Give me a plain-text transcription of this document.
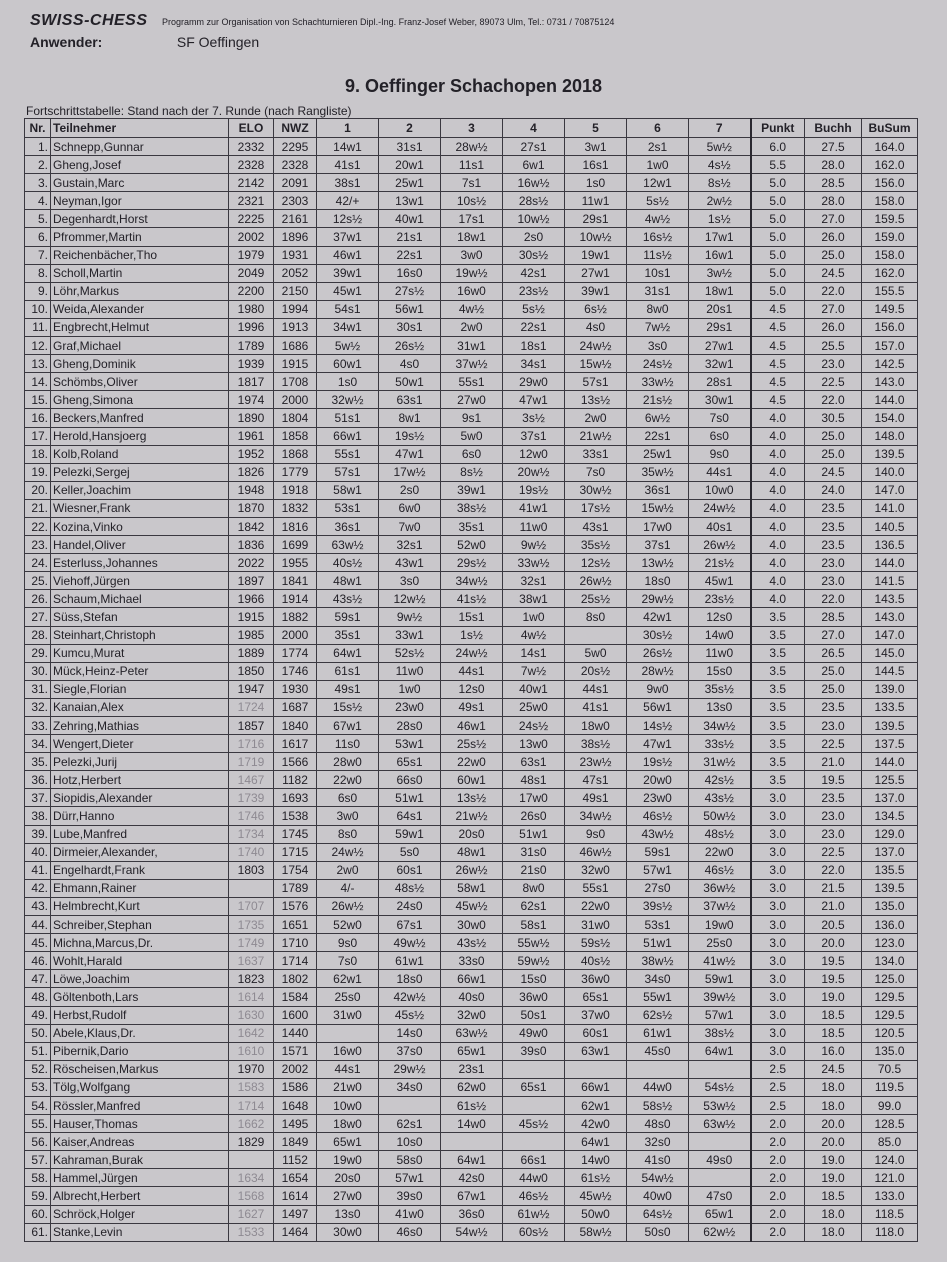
SWISS-CHESS Programm zur Organisation von Schachturnieren Dipl.-Ing. Franz-Josef Weber, 89073 Ulm, Tel.: 0731 / 70875124
Anwender:	SF Oeffingen
9. Oeffinger Schachopen 2018
Fortschrittstabelle: Stand nach der 7. Runde (nach Rangliste)
Nr.	Teilnehmer	ELO	NWZ	1	2	3	4	5	6	7	Punkt	Buchh	BuSum
1.	Schnepp,Gunnar	2332	2295	14w1	31s1	28w½	27s1	3w1	2s1	5w½	6.0	27.5	164.0
2.	Gheng,Josef	2328	2328	41s1	20w1	11s1	6w1	16s1	1w0	4s½	5.5	28.0	162.0
3.	Gustain,Marc	2142	2091	38s1	25w1	7s1	16w½	1s0	12w1	8s½	5.0	28.5	156.0
4.	Neyman,Igor	2321	2303	42/+	13w1	10s½	28s½	11w1	5s½	2w½	5.0	28.0	158.0
5.	Degenhardt,Horst	2225	2161	12s½	40w1	17s1	10w½	29s1	4w½	1s½	5.0	27.0	159.5
6.	Pfrommer,Martin	2002	1896	37w1	21s1	18w1	2s0	10w½	16s½	17w1	5.0	26.0	159.0
7.	Reichenbächer,Tho	1979	1931	46w1	22s1	3w0	30s½	19w1	11s½	16w1	5.0	25.0	158.0
8.	Scholl,Martin	2049	2052	39w1	16s0	19w½	42s1	27w1	10s1	3w½	5.0	24.5	162.0
9.	Löhr,Markus	2200	2150	45w1	27s½	16w0	23s½	39w1	31s1	18w1	5.0	22.0	155.5
10.	Weida,Alexander	1980	1994	54s1	56w1	4w½	5s½	6s½	8w0	20s1	4.5	27.0	149.5
11.	Engbrecht,Helmut	1996	1913	34w1	30s1	2w0	22s1	4s0	7w½	29s1	4.5	26.0	156.0
12.	Graf,Michael	1789	1686	5w½	26s½	31w1	18s1	24w½	3s0	27w1	4.5	25.5	157.0
13.	Gheng,Dominik	1939	1915	60w1	4s0	37w½	34s1	15w½	24s½	32w1	4.5	23.0	142.5
14.	Schömbs,Oliver	1817	1708	1s0	50w1	55s1	29w0	57s1	33w½	28s1	4.5	22.5	143.0
15.	Gheng,Simona	1974	2000	32w½	63s1	27w0	47w1	13s½	21s½	30w1	4.5	22.0	144.0
16.	Beckers,Manfred	1890	1804	51s1	8w1	9s1	3s½	2w0	6w½	7s0	4.0	30.5	154.0
17.	Herold,Hansjoerg	1961	1858	66w1	19s½	5w0	37s1	21w½	22s1	6s0	4.0	25.0	148.0
18.	Kolb,Roland	1952	1868	55s1	47w1	6s0	12w0	33s1	25w1	9s0	4.0	25.0	139.5
19.	Pelezki,Sergej	1826	1779	57s1	17w½	8s½	20w½	7s0	35w½	44s1	4.0	24.5	140.0
20.	Keller,Joachim	1948	1918	58w1	2s0	39w1	19s½	30w½	36s1	10w0	4.0	24.0	147.0
21.	Wiesner,Frank	1870	1832	53s1	6w0	38s½	41w1	17s½	15w½	24w½	4.0	23.5	141.0
22.	Kozina,Vinko	1842	1816	36s1	7w0	35s1	11w0	43s1	17w0	40s1	4.0	23.5	140.5
23.	Handel,Oliver	1836	1699	63w½	32s1	52w0	9w½	35s½	37s1	26w½	4.0	23.5	136.5
24.	Esterluss,Johannes	2022	1955	40s½	43w1	29s½	33w½	12s½	13w½	21s½	4.0	23.0	144.0
25.	Viehoff,Jürgen	1897	1841	48w1	3s0	34w½	32s1	26w½	18s0	45w1	4.0	23.0	141.5
26.	Schaum,Michael	1966	1914	43s½	12w½	41s½	38w1	25s½	29w½	23s½	4.0	22.0	143.5
27.	Süss,Stefan	1915	1882	59s1	9w½	15s1	1w0	8s0	42w1	12s0	3.5	28.5	143.0
28.	Steinhart,Christoph	1985	2000	35s1	33w1	1s½	4w½		30s½	14w0	3.5	27.0	147.0
29.	Kumcu,Murat	1889	1774	64w1	52s½	24w½	14s1	5w0	26s½	11w0	3.5	26.5	145.0
30.	Mück,Heinz-Peter	1850	1746	61s1	11w0	44s1	7w½	20s½	28w½	15s0	3.5	25.0	144.5
31.	Siegle,Florian	1947	1930	49s1	1w0	12s0	40w1	44s1	9w0	35s½	3.5	25.0	139.0
32.	Kanaian,Alex	1724	1687	15s½	23w0	49s1	25w0	41s1	56w1	13s0	3.5	23.5	133.5
33.	Zehring,Mathias	1857	1840	67w1	28s0	46w1	24s½	18w0	14s½	34w½	3.5	23.0	139.5
34.	Wengert,Dieter	1716	1617	11s0	53w1	25s½	13w0	38s½	47w1	33s½	3.5	22.5	137.5
35.	Pelezki,Jurij	1719	1566	28w0	65s1	22w0	63s1	23w½	19s½	31w½	3.5	21.0	144.0
36.	Hotz,Herbert	1467	1182	22w0	66s0	60w1	48s1	47s1	20w0	42s½	3.5	19.5	125.5
37.	Siopidis,Alexander	1739	1693	6s0	51w1	13s½	17w0	49s1	23w0	43s½	3.0	23.5	137.0
38.	Dürr,Hanno	1746	1538	3w0	64s1	21w½	26s0	34w½	46s½	50w½	3.0	23.0	134.5
39.	Lube,Manfred	1734	1745	8s0	59w1	20s0	51w1	9s0	43w½	48s½	3.0	23.0	129.0
40.	Dirmeier,Alexander,	1740	1715	24w½	5s0	48w1	31s0	46w½	59s1	22w0	3.0	22.5	137.0
41.	Engelhardt,Frank	1803	1754	2w0	60s1	26w½	21s0	32w0	57w1	46s½	3.0	22.0	135.5
42.	Ehmann,Rainer		1789	4/-	48s½	58w1	8w0	55s1	27s0	36w½	3.0	21.5	139.5
43.	Helmbrecht,Kurt	1707	1576	26w½	24s0	45w½	62s1	22w0	39s½	37w½	3.0	21.0	135.0
44.	Schreiber,Stephan	1735	1651	52w0	67s1	30w0	58s1	31w0	53s1	19w0	3.0	20.5	136.0
45.	Michna,Marcus,Dr.	1749	1710	9s0	49w½	43s½	55w½	59s½	51w1	25s0	3.0	20.0	123.0
46.	Wohlt,Harald	1637	1714	7s0	61w1	33s0	59w½	40s½	38w½	41w½	3.0	19.5	134.0
47.	Löwe,Joachim	1823	1802	62w1	18s0	66w1	15s0	36w0	34s0	59w1	3.0	19.5	125.0
48.	Göltenboth,Lars	1614	1584	25s0	42w½	40s0	36w0	65s1	55w1	39w½	3.0	19.0	129.5
49.	Herbst,Rudolf	1630	1600	31w0	45s½	32w0	50s1	37w0	62s½	57w1	3.0	18.5	129.5
50.	Abele,Klaus,Dr.	1642	1440		14s0	63w½	49w0	60s1	61w1	38s½	3.0	18.5	120.5
51.	Pibernik,Dario	1610	1571	16w0	37s0	65w1	39s0	63w1	45s0	64w1	3.0	16.0	135.0
52.	Röscheisen,Markus	1970	2002	44s1	29w½	23s1					2.5	24.5	70.5
53.	Tölg,Wolfgang	1583	1586	21w0	34s0	62w0	65s1	66w1	44w0	54s½	2.5	18.0	119.5
54.	Rössler,Manfred	1714	1648	10w0		61s½		62w1	58s½	53w½	2.5	18.0	99.0
55.	Hauser,Thomas	1662	1495	18w0	62s1	14w0	45s½	42w0	48s0	63w½	2.0	20.0	128.5
56.	Kaiser,Andreas	1829	1849	65w1	10s0			64w1	32s0		2.0	20.0	85.0
57.	Kahraman,Burak		1152	19w0	58s0	64w1	66s1	14w0	41s0	49s0	2.0	19.0	124.0
58.	Hammel,Jürgen	1634	1654	20s0	57w1	42s0	44w0	61s½	54w½		2.0	19.0	121.0
59.	Albrecht,Herbert	1568	1614	27w0	39s0	67w1	46s½	45w½	40w0	47s0	2.0	18.5	133.0
60.	Schröck,Holger	1627	1497	13s0	41w0	36s0	61w½	50w0	64s½	65w1	2.0	18.0	118.5
61.	Stanke,Levin	1533	1464	30w0	46s0	54w½	60s½	58w½	50s0	62w½	2.0	18.0	118.0
